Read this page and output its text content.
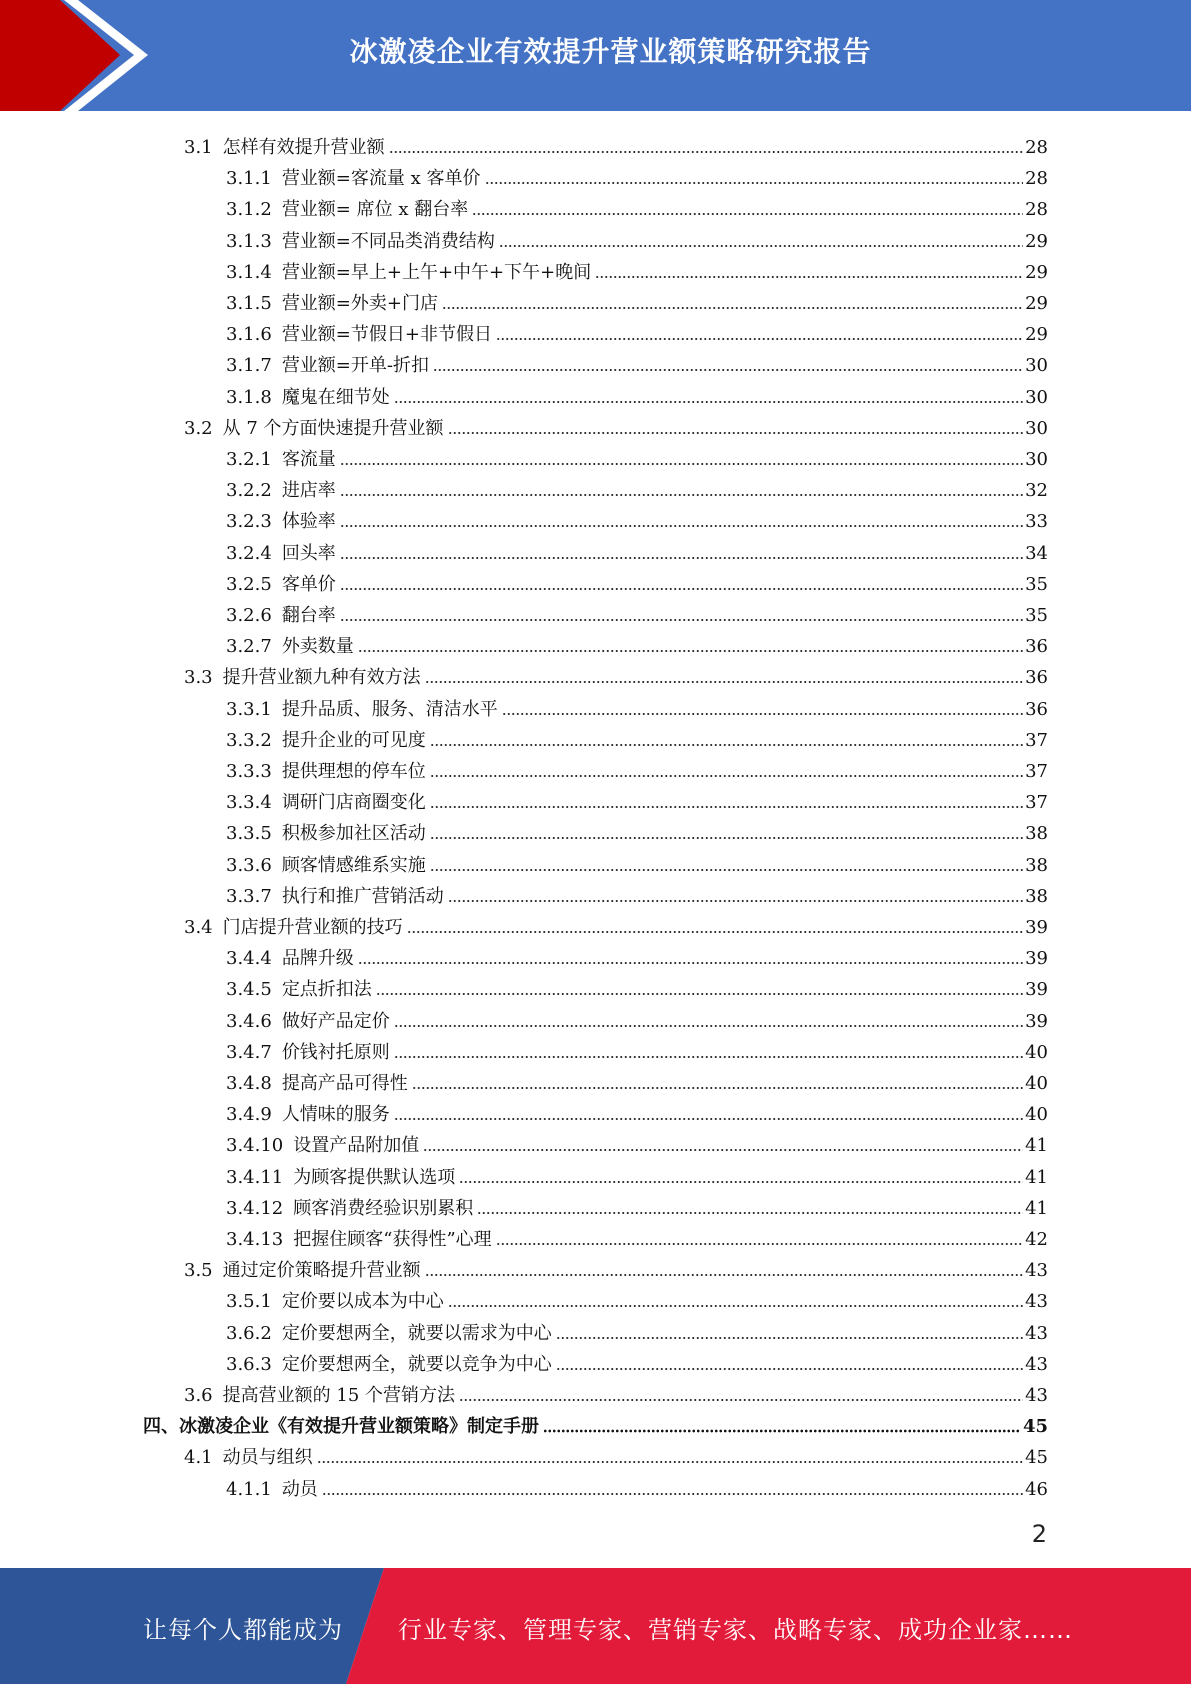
冰激凌企业有效提升营业额策略研究报告
3.1 怎样有效提升营业额	28
3.1.1 营业额=客流量 x 客单价	28
3.1.2 营业额= 席位 x 翻台率	28
3.1.3 营业额=不同品类消费结构	29
3.1.4 营业额=早上+上午+中午+下午+晚间	29
3.1.5 营业额=外卖+门店	29
3.1.6 营业额=节假日+非节假日	29
3.1.7 营业额=开单-折扣	30
3.1.8 魔鬼在细节处	30
3.2 从 7 个方面快速提升营业额	30
3.2.1 客流量	30
3.2.2 进店率	32
3.2.3 体验率	33
3.2.4 回头率	34
3.2.5 客单价	35
3.2.6 翻台率	35
3.2.7 外卖数量	36
3.3 提升营业额九种有效方法	36
3.3.1 提升品质、服务、清洁水平	36
3.3.2 提升企业的可见度	37
3.3.3 提供理想的停车位	37
3.3.4 调研门店商圈变化	37
3.3.5 积极参加社区活动	38
3.3.6 顾客情感维系实施	38
3.3.7 执行和推广营销活动	38
3.4 门店提升营业额的技巧	39
3.4.4 品牌升级	39
3.4.5 定点折扣法	39
3.4.6 做好产品定价	39
3.4.7 价钱衬托原则	40
3.4.8 提高产品可得性	40
3.4.9 人情味的服务	40
3.4.10 设置产品附加值	41
3.4.11 为顾客提供默认选项	41
3.4.12 顾客消费经验识别累积	41
3.4.13 把握住顾客“获得性”心理	42
3.5 通过定价策略提升营业额	43
3.5.1 定价要以成本为中心	43
3.6.2 定价要想两全，就要以需求为中心	43
3.6.3 定价要想两全，就要以竞争为中心	43
3.6 提高营业额的 15 个营销方法	43
四、冰激凌企业《有效提升营业额策略》制定手册	45
4.1 动员与组织	45
4.1.1 动员	46
2
让每个人都能成为 行业专家、管理专家、营销专家、战略专家、成功企业家……
